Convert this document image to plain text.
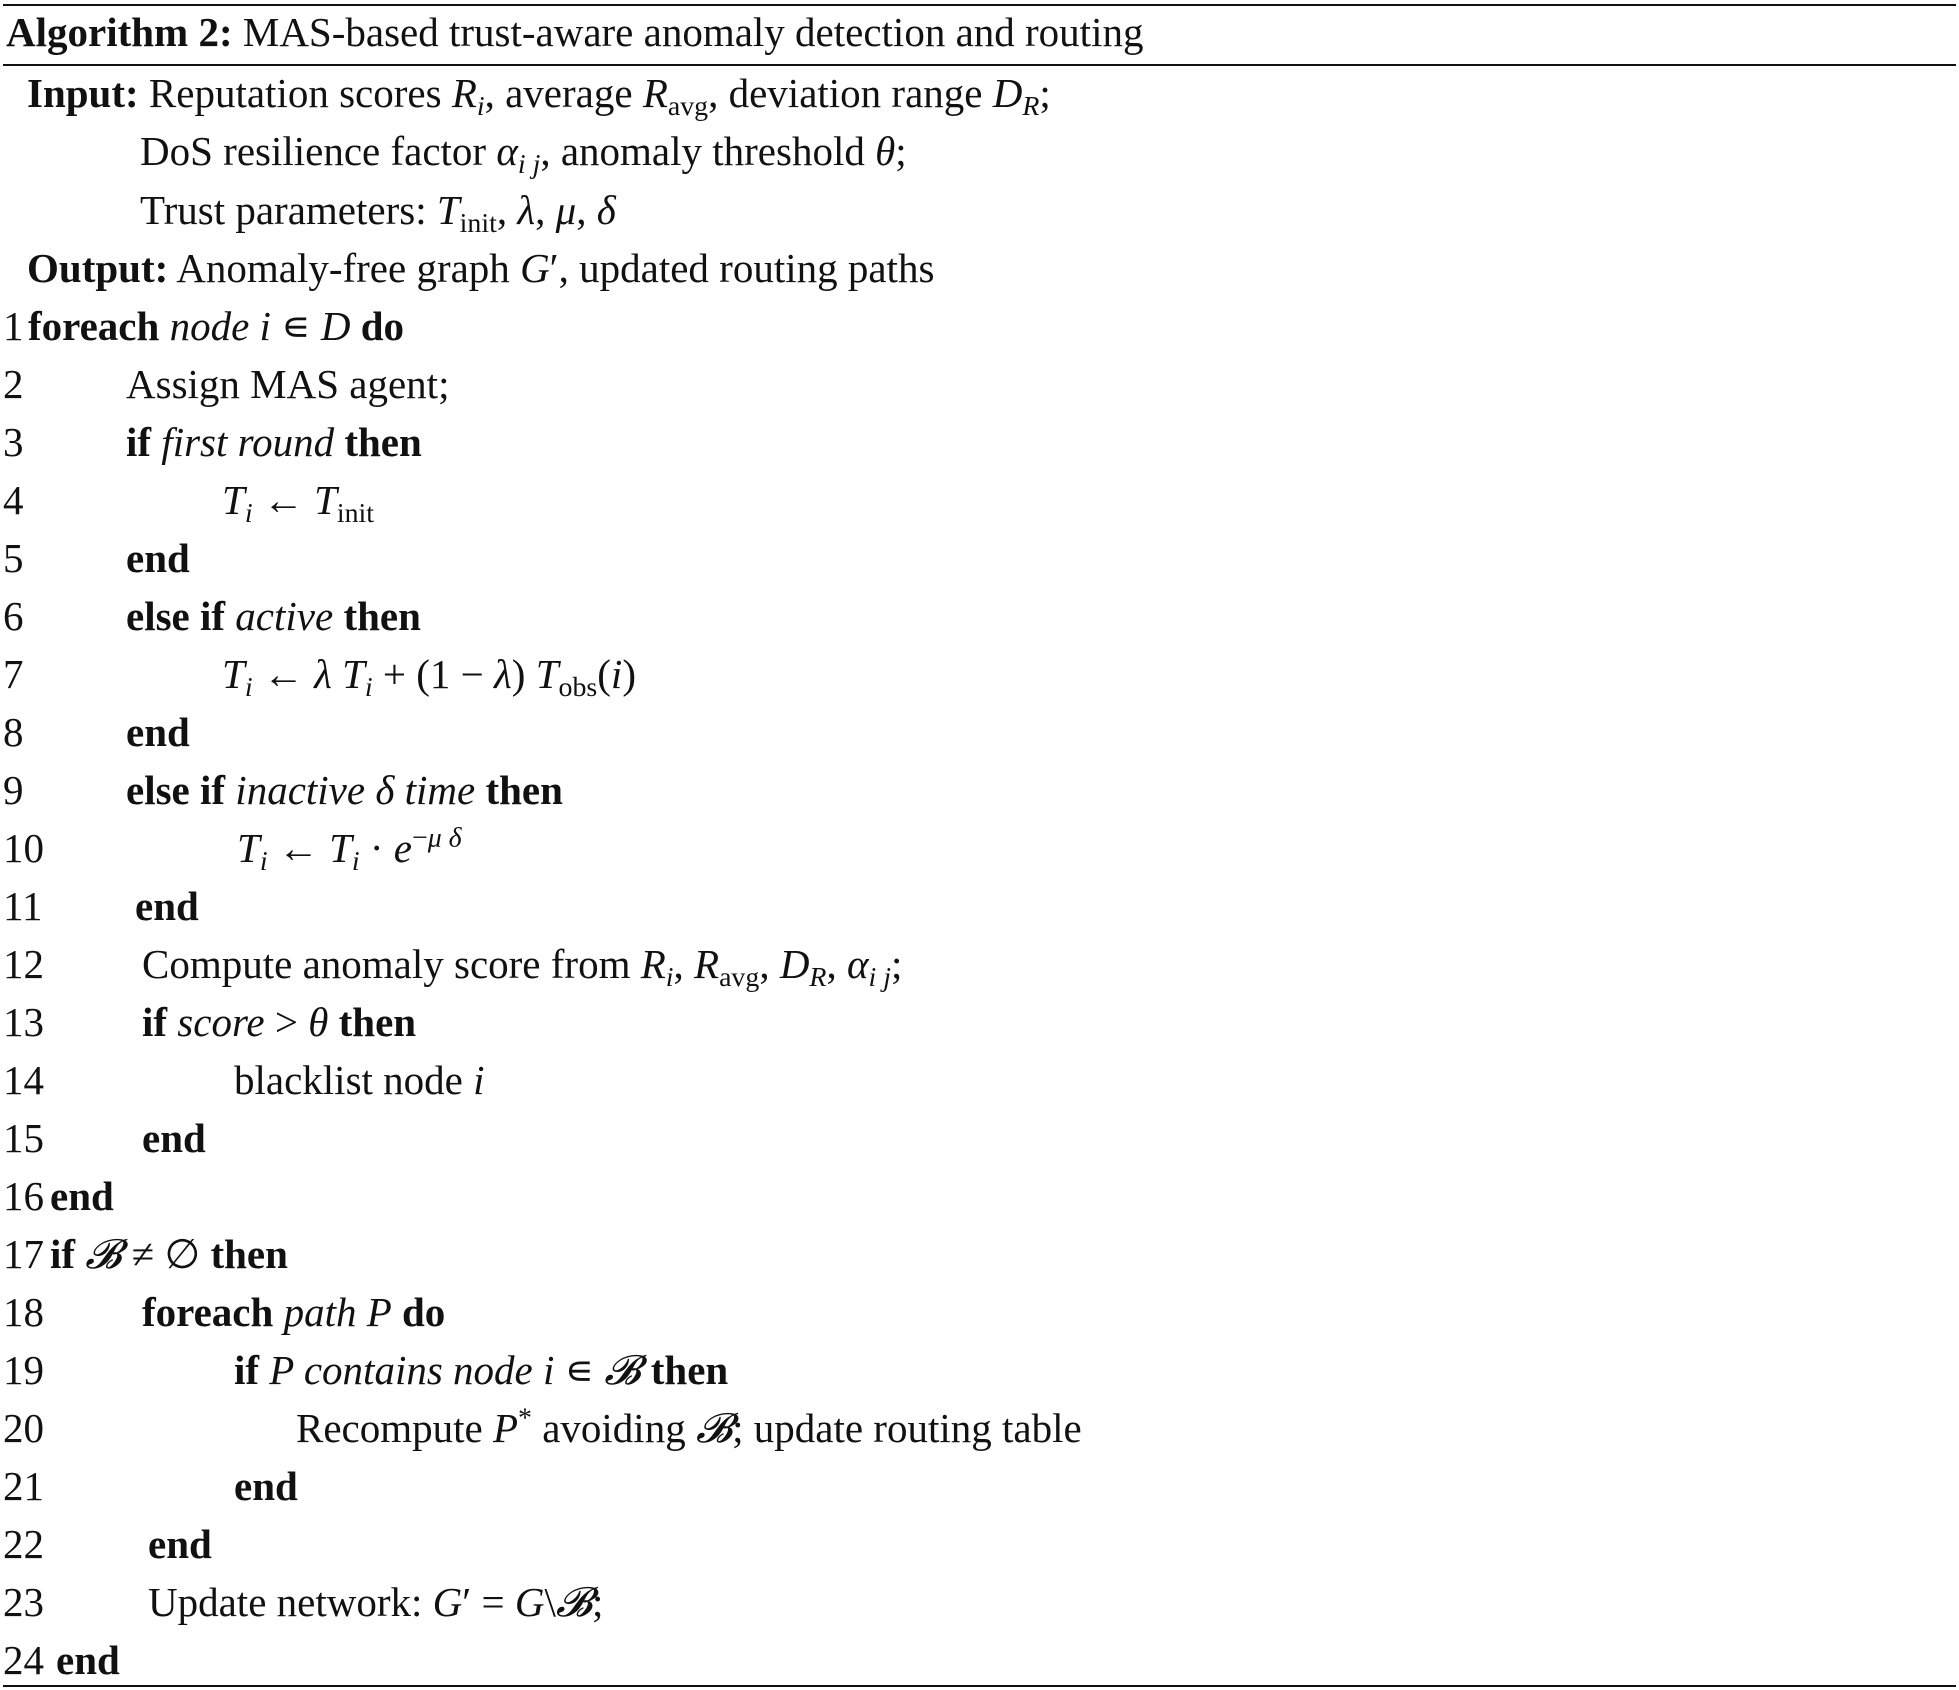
Algorithm 2: MAS-based trust-aware anomaly detection and routing
Input: Reputation scores $R_i$, average $R_{avg}$, deviation range $D_R$;
DoS resilience factor $\alpha_{i j}$, anomaly threshold θ;
Trust parameters: $T_{init}$, λ, μ, δ
Output: Anomaly-free graph G′, updated routing paths
1 foreach node i ∊ D do
2	Assign MAS agent;
3	if first round then
4	$T_i$ ← $T_{init}$
5	end
6	else if active then
7	$T_i$ ← λ $T_i + (1 - \lambda)$ $T_{obs}(i)$
8	end
9	else if inactive δ time then
10	$T_i$ ← $T_i \cdot e^{-\mu \delta}$
11 end
12 Compute anomaly score from $R_i$, $R_{avg}$, $D_R$, $\alpha_{i j}$;
13 if score > θ then
14	blacklist node i
15 end
16 end
17 if 𝓑 ≠ ∅ then
18 foreach path P do
19	if P contains node i ∊ 𝓑 then
20	Recompute P* avoiding 𝓑; update routing table
21	end
22	end
23	Update network: G′ = G\𝓑;
24 end
